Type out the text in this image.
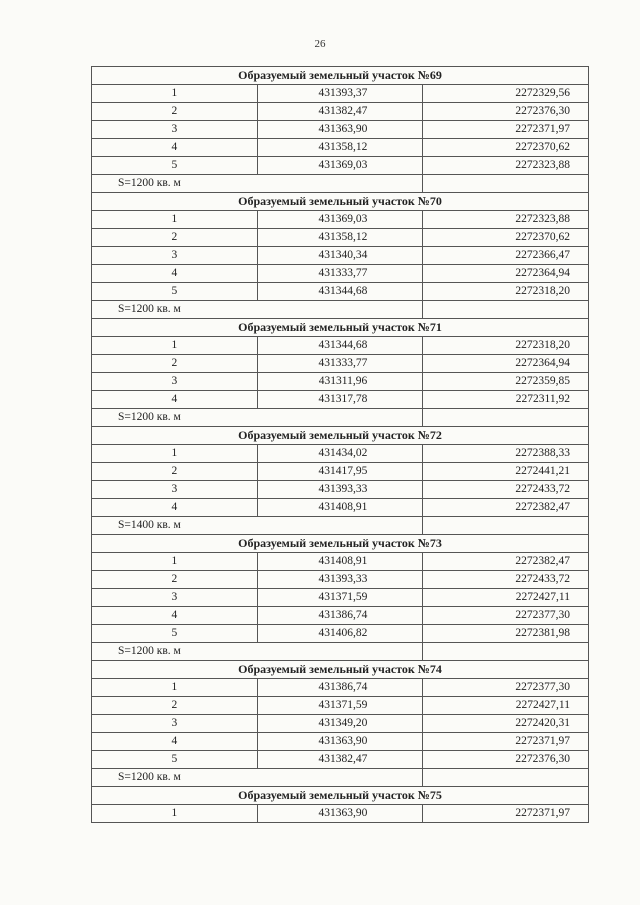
26
Образуемый земельный участок №69		
1	431393,37	2272329,56
2	431382,47	2272376,30
3	431363,90	2272371,97
4	431358,12	2272370,62
5	431369,03	2272323,88
S=1200 кв. м		
Образуемый земельный участок №70		
1	431369,03	2272323,88
2	431358,12	2272370,62
3	431340,34	2272366,47
4	431333,77	2272364,94
5	431344,68	2272318,20
S=1200 кв. м		
Образуемый земельный участок №71		
1	431344,68	2272318,20
2	431333,77	2272364,94
3	431311,96	2272359,85
4	431317,78	2272311,92
S=1200 кв. м		
Образуемый земельный участок №72		
1	431434,02	2272388,33
2	431417,95	2272441,21
3	431393,33	2272433,72
4	431408,91	2272382,47
S=1400 кв. м		
Образуемый земельный участок №73		
1	431408,91	2272382,47
2	431393,33	2272433,72
3	431371,59	2272427,11
4	431386,74	2272377,30
5	431406,82	2272381,98
S=1200 кв. м		
Образуемый земельный участок №74		
1	431386,74	2272377,30
2	431371,59	2272427,11
3	431349,20	2272420,31
4	431363,90	2272371,97
5	431382,47	2272376,30
S=1200 кв. м		
Образуемый земельный участок №75		
1	431363,90	2272371,97
